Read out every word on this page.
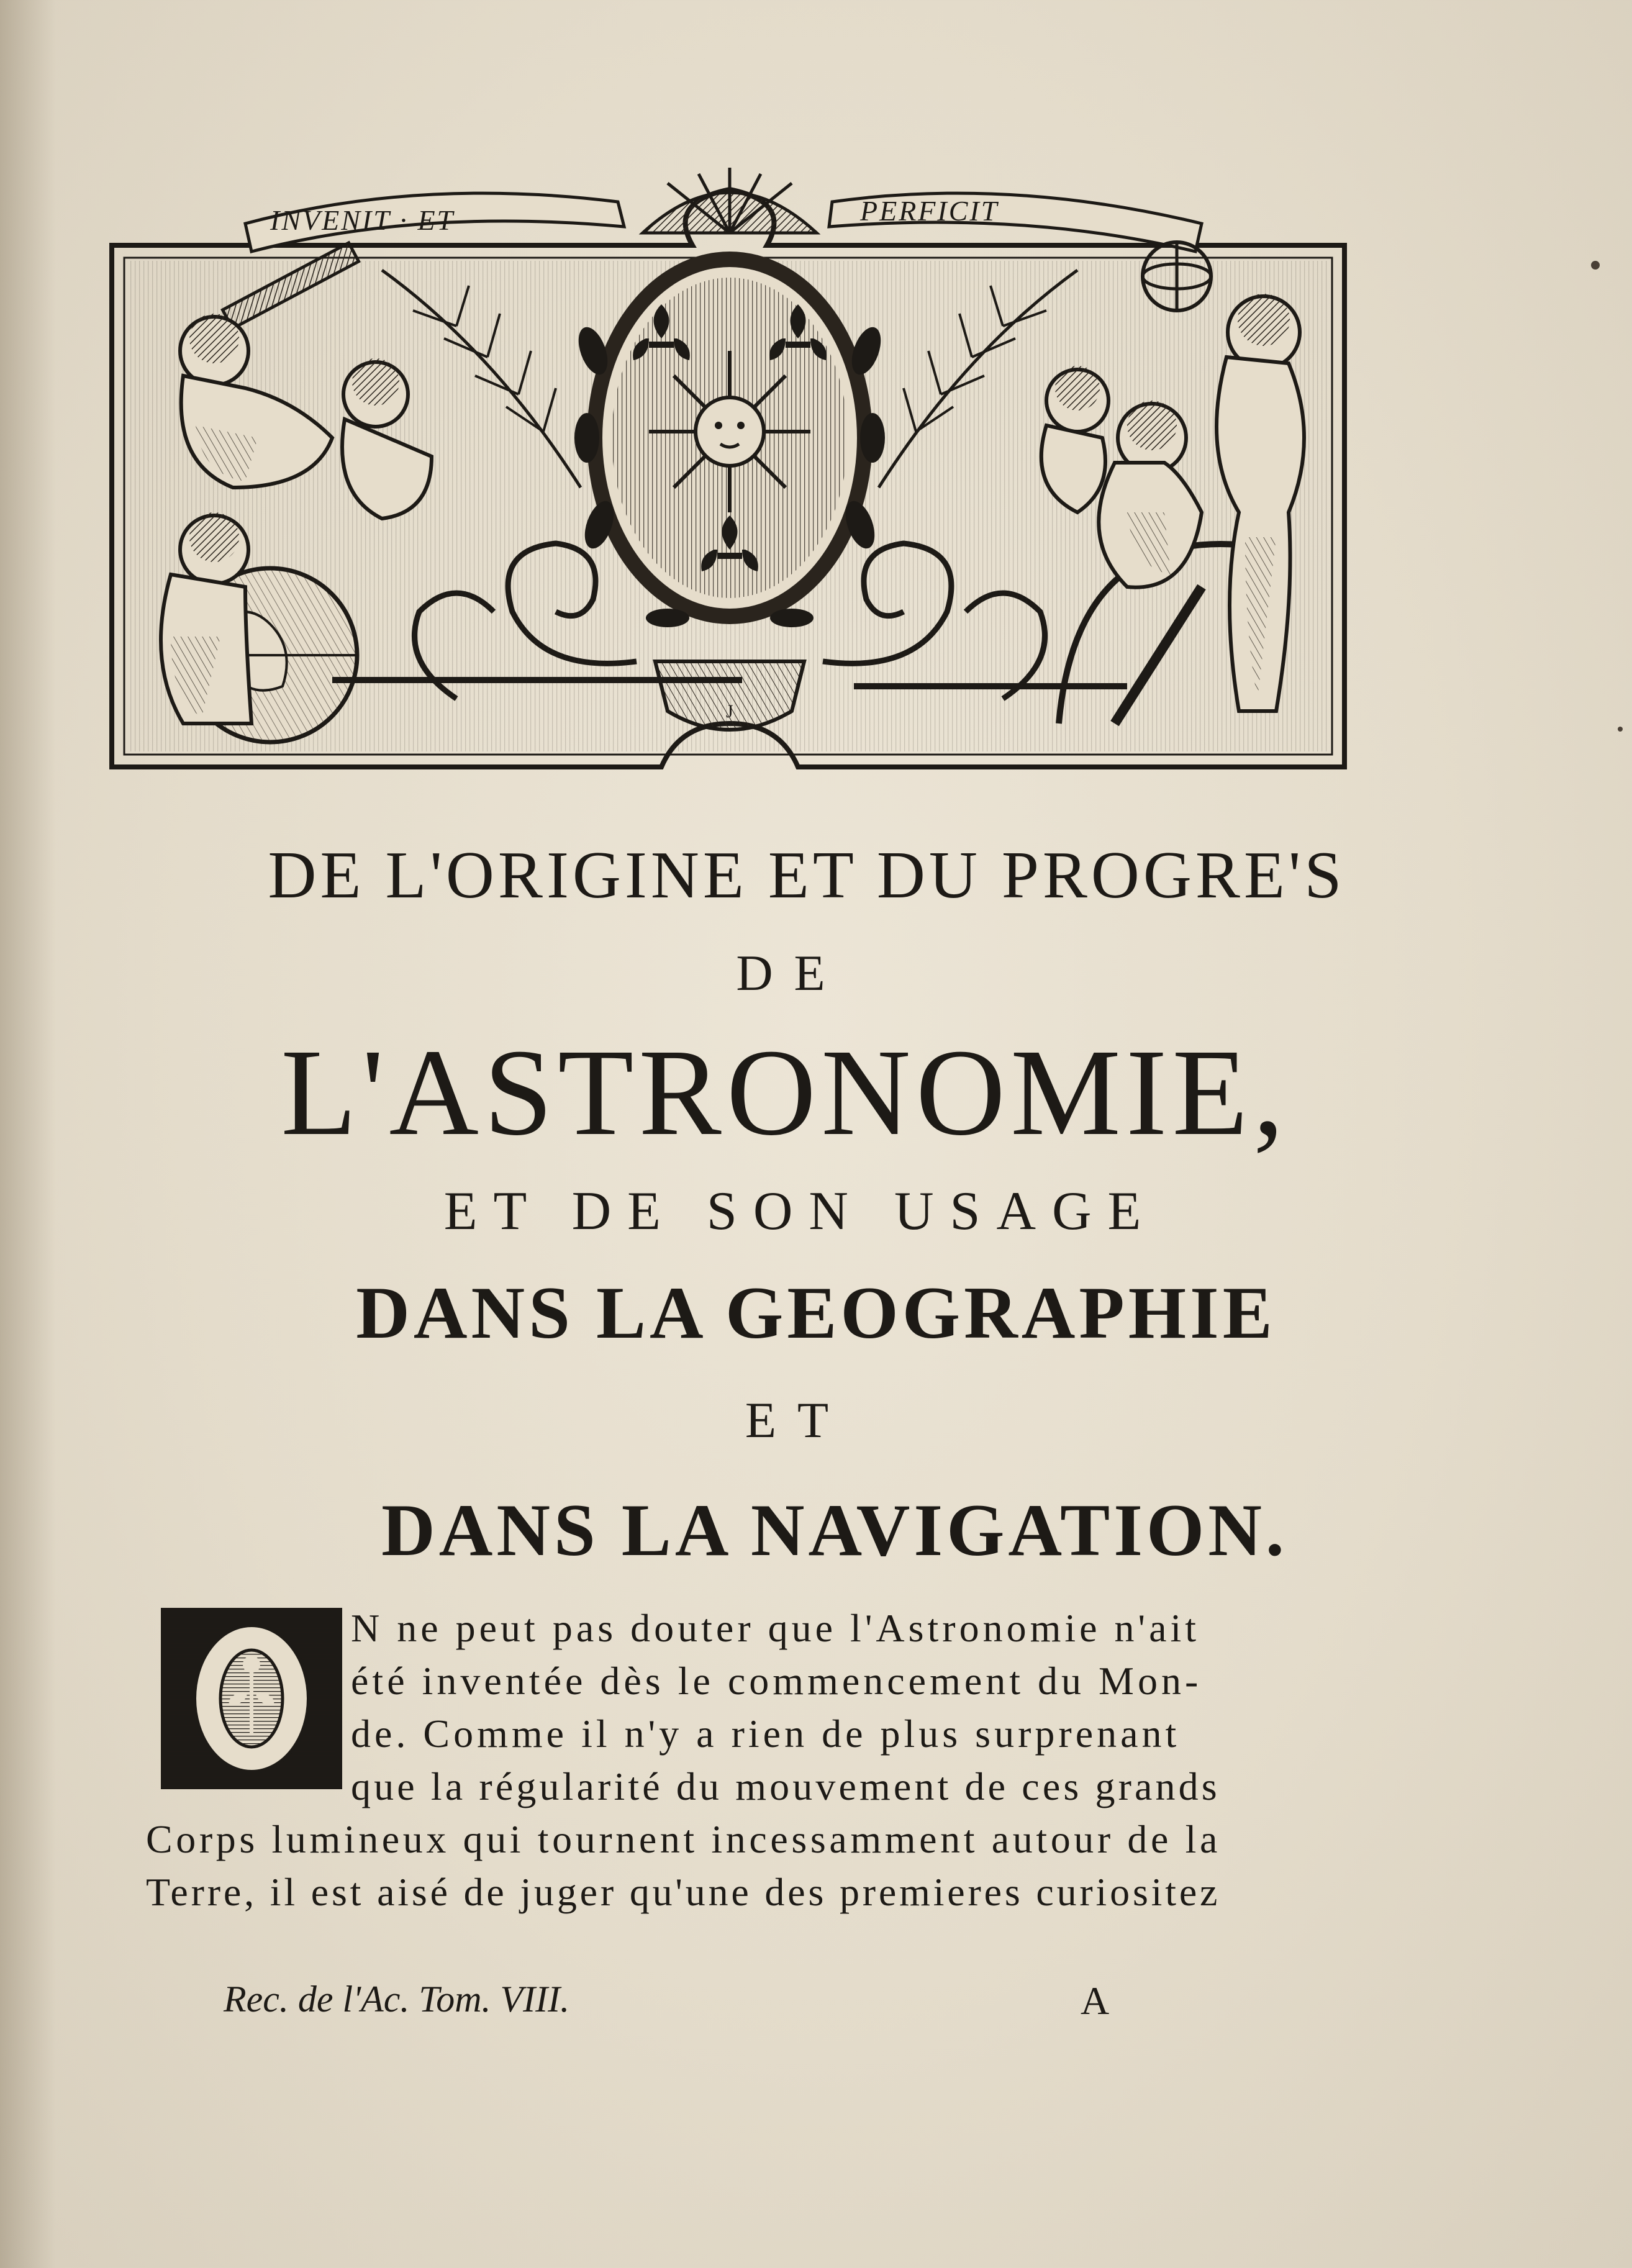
INVENIT · ET	PERFICIT
J
DE L'ORIGINE ET DU PROGRE'S
DE
L'ASTRONOMIE,
ET DE SON USAGE
DANS LA GEOGRAPHIE
ET
DANS LA NAVIGATION.
O
N ne peut pas douter que l'Astronomie n'ait
été inventée dès le commencement du Mon-
de. Comme il n'y a rien de plus surprenant
que la régularité du mouvement de ces grands
Corps lumineux qui tournent incessamment autour de la
Terre, il est aisé de juger qu'une des premieres curiositez
Rec. de l'Ac. Tom. VIII.	A
